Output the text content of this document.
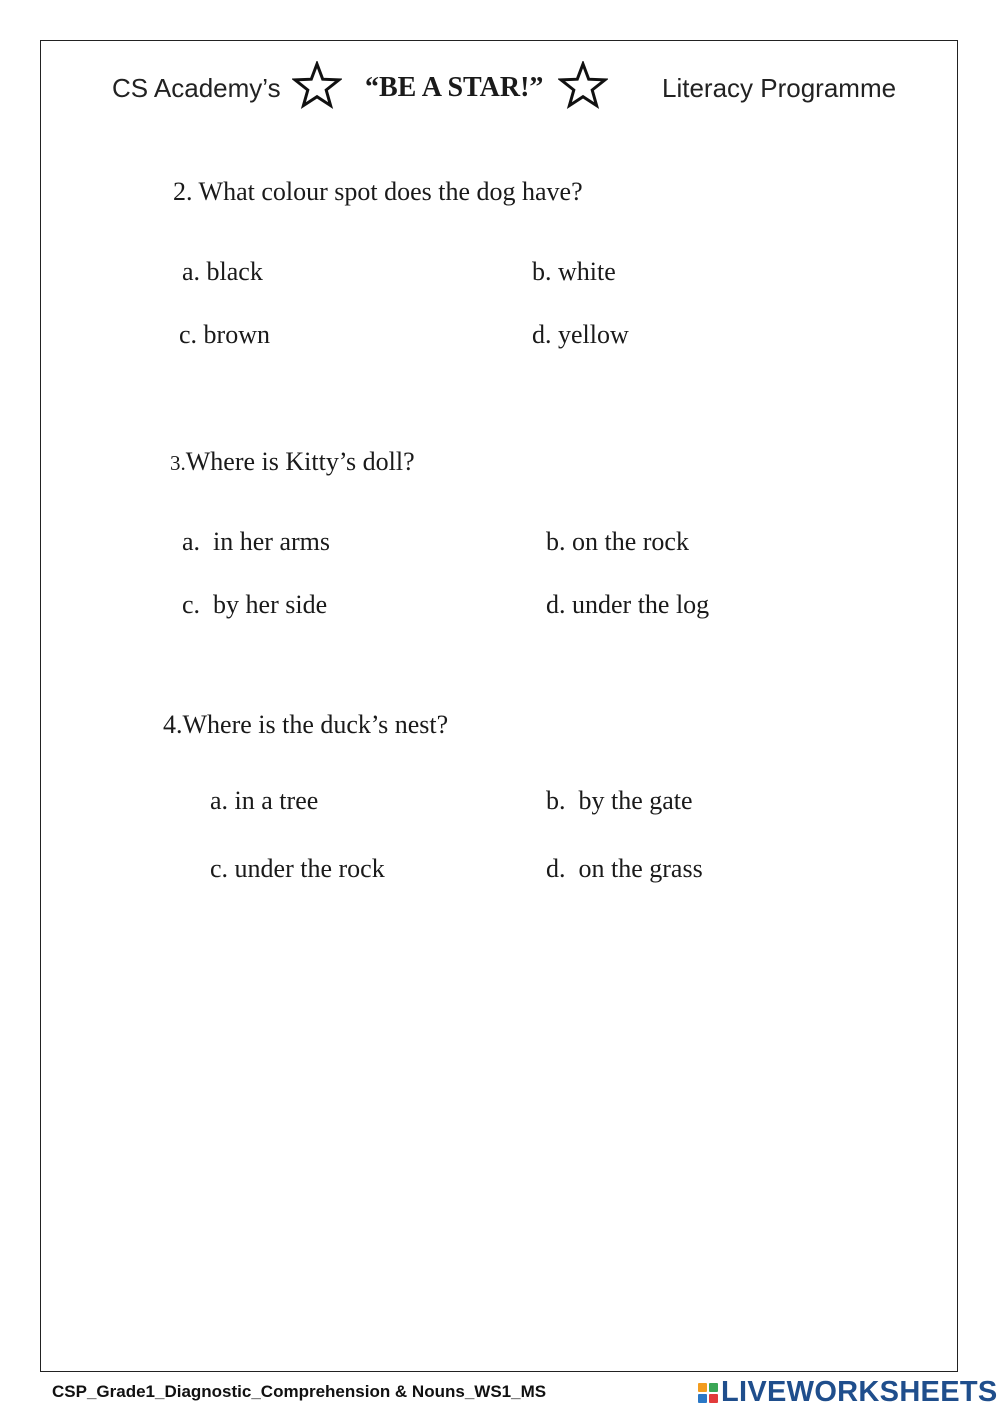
CS Academy’s	“BE A STAR!”	Literacy Programme
2. What colour spot does the dog have?
a. black	b. white
c. brown	d. yellow
3.Where is Kitty’s doll?
a. in her arms	b. on the rock
c. by her side	d. under the log
4.Where is the duck’s nest?
a. in a tree	b. by the gate
c. under the rock	d. on the grass
CSP_Grade1_Diagnostic_Comprehension & Nouns_WS1_MS	LIVEWORKSHEETS
